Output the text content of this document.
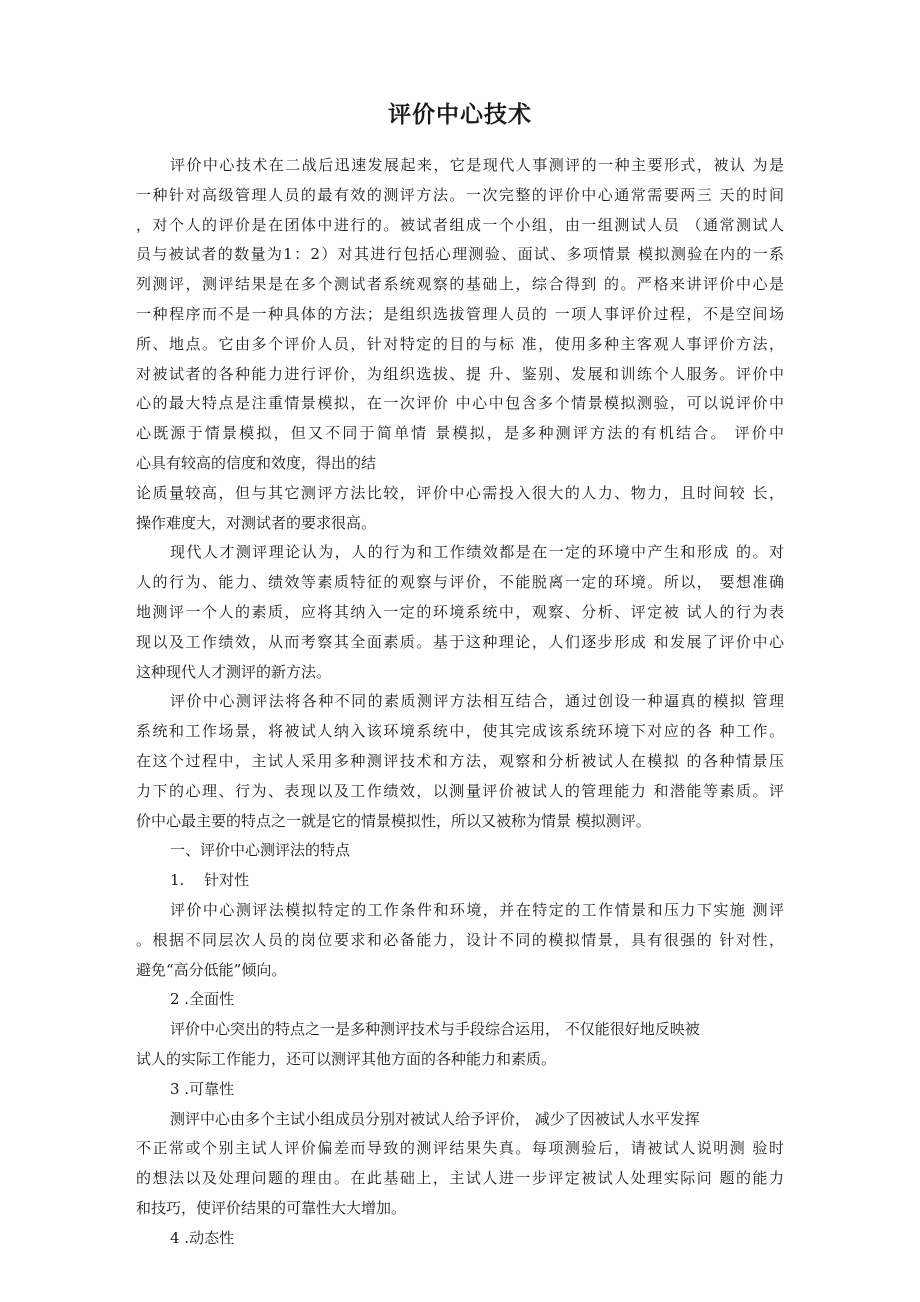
评价中心技术
评价中心技术在二战后迅速发展起来，它是现代人事测评的一种主要形式，被认 为是
一种针对高级管理人员的最有效的测评方法。一次完整的评价中心通常需要两三 天的时间
，对个人的评价是在团体中进行的。被试者组成一个小组，由一组测试人员 （通常测试人
员与被试者的数量为1：2）对其进行包括心理测验、面试、多项情景 模拟测验在内的一系
列测评，测评结果是在多个测试者系统观察的基础上，综合得到 的。严格来讲评价中心是
一种程序而不是一种具体的方法；是组织选拔管理人员的 一项人事评价过程，不是空间场
所、地点。它由多个评价人员，针对特定的目的与标 准，使用多种主客观人事评价方法，
对被试者的各种能力进行评价，为组织选拔、提 升、鉴别、发展和训练个人服务。评价中
心的最大特点是注重情景模拟，在一次评价 中心中包含多个情景模拟测验，可以说评价中
心既源于情景模拟，但又不同于简单情 景模拟，是多种测评方法的有机结合。 评价中
心具有较高的信度和效度，得出的结
论质量较高，但与其它测评方法比较，评价中心需投入很大的人力、物力，且时间较 长，
操作难度大，对测试者的要求很高。
现代人才测评理论认为，人的行为和工作绩效都是在一定的环境中产生和形成 的。对
人的行为、能力、绩效等素质特征的观察与评价，不能脱离一定的环境。所以， 要想准确
地测评一个人的素质，应将其纳入一定的环境系统中，观察、分析、评定被 试人的行为表
现以及工作绩效，从而考察其全面素质。基于这种理论，人们逐步形成 和发展了评价中心
这种现代人才测评的新方法。
评价中心测评法将各种不同的素质测评方法相互结合，通过创设一种逼真的模拟 管理
系统和工作场景，将被试人纳入该环境系统中，使其完成该系统环境下对应的各 种工作。
在这个过程中，主试人采用多种测评技术和方法，观察和分析被试人在模拟 的各种情景压
力下的心理、行为、表现以及工作绩效，以测量评价被试人的管理能力 和潜能等素质。评
价中心最主要的特点之一就是它的情景模拟性，所以又被称为情景 模拟测评。
一、评价中心测评法的特点
1.　 针对性
评价中心测评法模拟特定的工作条件和环境，并在特定的工作情景和压力下实施 测评
。根据不同层次人员的岗位要求和必备能力，设计不同的模拟情景，具有很强的 针对性，
避免“高分低能”倾向。
2 .全面性
评价中心突出的特点之一是多种测评技术与手段综合运用， 不仅能很好地反映被
试人的实际工作能力，还可以测评其他方面的各种能力和素质。
3 .可靠性
测评中心由多个主试小组成员分别对被试人给予评价， 减少了因被试人水平发挥
不正常或个别主试人评价偏差而导致的测评结果失真。每项测验后，请被试人说明测 验时
的想法以及处理问题的理由。在此基础上，主试人进一步评定被试人处理实际问 题的能力
和技巧，使评价结果的可靠性大大增加。
4 .动态性
